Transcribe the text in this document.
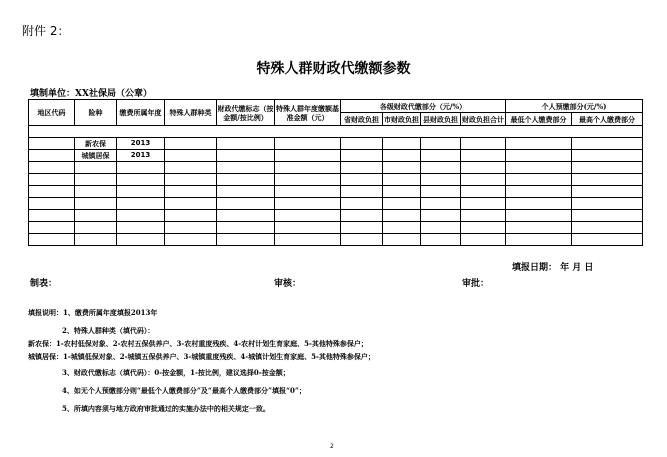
附件 2：
特殊人群财政代缴额参数
填制单位：XX社保局（公章）
地区代码	险种	缴费所属年度	特殊人群种类	财政代缴标志（按金额/按比例）	特殊人群年度缴额基准金额（元）	各级财政代缴部分（元/%）				个人预缴部分(元/%)	
						省财政负担	市财政负担	县财政负担	财政负担合计	最低个人缴费部分	最高个人缴费部分

	新农保	2013									
	城镇居保	2013									

填报日期： 年 月 日
制表：	审核：	审批：
填报说明：1、缴费所属年度填报2013年
2、特殊人群种类（填代码）：
新农保：1-农村低保对象、2-农村五保供养户、3-农村重度残疾、4-农村计划生育家庭、5-其他特殊参保户；
城镇居保：1-城镇低保对象、2-城镇五保供养户、3-城镇重度残疾、4-城镇计划生育家庭、5-其他特殊参保户；
3、财政代缴标志（填代码）：0-按金额，1-按比例，建议选择0-按金额；
4、如无个人预缴部分则“最低个人缴费部分”及“最高个人缴费部分”填报“0”；
5、所填内容须与地方政府审批通过的实施办法中的相关规定一致。
2
